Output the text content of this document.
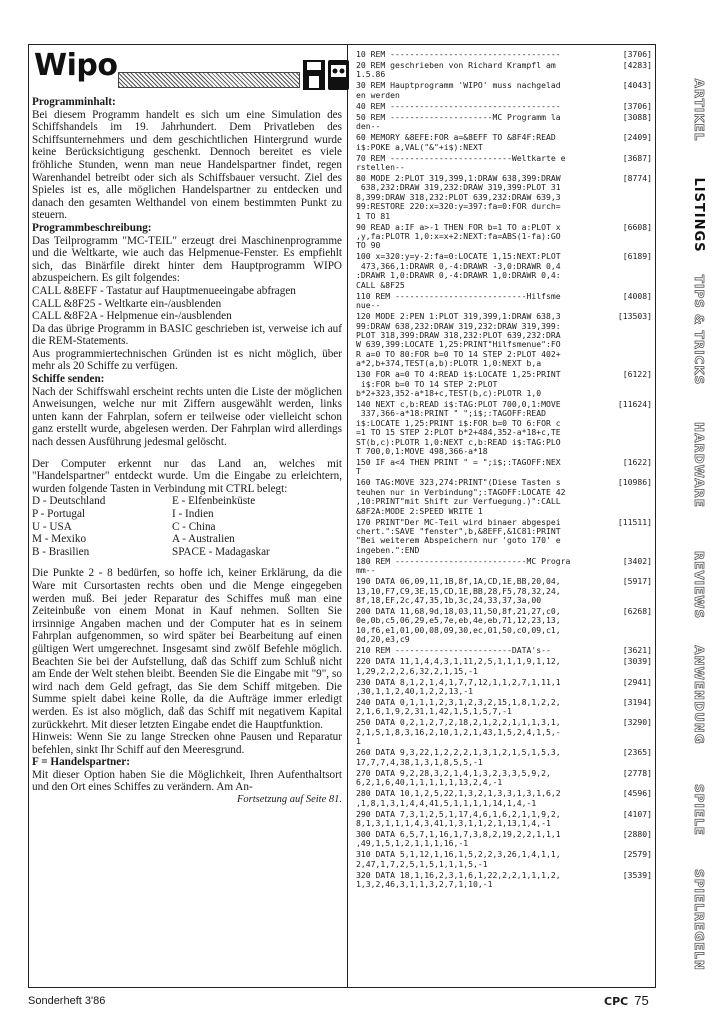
Wipo
Programminhalt:
Bei diesem Programm handelt es sich um eine Simulation des Schiffshandels im 19. Jahrhundert. Dem Privatleben des Schiffsunternehmers und dem geschichtlichen Hintergrund wurde keine Berücksichtigung geschenkt. Dennoch bereitet es viele fröhliche Stunden, wenn man neue Handelspartner findet, regen Warenhandel betreibt oder sich als Schiffsbauer versucht. Ziel des Spieles ist es, alle möglichen Handelspartner zu entdecken und danach den gesamten Welthandel von einem bestimmten Punkt zu steuern.
Programmbeschreibung:
Das Teilprogramm "MC-TEIL" erzeugt drei Maschinenprogramme und die Weltkarte, wie auch das Helpmenue-Fenster. Es empfiehlt sich, das Binärfile direkt hinter dem Hauptprogramm WIPO abzuspeichern. Es gilt folgendes:
CALL &8EFF - Tastatur auf Hauptmenueeingabe abfragen
CALL &8F25 - Weltkarte ein-/ausblenden
CALL &8F2A - Helpmenue ein-/ausblenden
Da das übrige Programm in BASIC geschrieben ist, verweise ich auf die REM-Statements.
Aus programmiertechnischen Gründen ist es nicht möglich, über mehr als 20 Schiffe zu verfügen.
Schiffe senden:
Nach der Schiffswahl erscheint rechts unten die Liste der möglichen Anweisungen, welche nur mit Ziffern ausgewählt werden, links unten kann der Fahrplan, sofern er teilweise oder vielleicht schon ganz erstellt wurde, abgelesen werden. Der Fahrplan wird allerdings nach dessen Ausführung jedesmal gelöscht.
Der Computer erkennt nur das Land an, welches mit "Handelspartner" entdeckt wurde. Um die Eingabe zu erleichtern, wurden folgende Tasten in Verbindung mit CTRL belegt:
D - Deutschland	E - Elfenbeinküste
P - Portugal	I - Indien
U - USA	C - China
M - Mexiko	A - Australien
B - Brasilien	SPACE - Madagaskar
Die Punkte 2 - 8 bedürfen, so hoffe ich, keiner Erklärung, da die Ware mit Cursortasten rechts oben und die Menge eingegeben werden muß. Bei jeder Reparatur des Schiffes muß man eine Zeiteinbuße von einem Monat in Kauf nehmen. Sollten Sie irrsinnige Angaben machen und der Computer hat es in seinem Fahrplan aufgenommen, so wird später bei Bearbeitung auf einen gültigen Wert umgerechnet. Insgesamt sind zwölf Befehle möglich. Beachten Sie bei der Aufstellung, daß das Schiff zum Schluß nicht am Ende der Welt stehen bleibt. Beenden Sie die Eingabe mit "9", so wird nach dem Geld gefragt, das Sie dem Schiff mitgeben. Die Summe spielt dabei keine Rolle, da die Aufträge immer erledigt werden. Es ist also möglich, daß das Schiff mit negativem Kapital zurückkehrt. Mit dieser letzten Eingabe endet die Hauptfunktion.
Hinweis: Wenn Sie zu lange Strecken ohne Pausen und Reparatur befehlen, sinkt Ihr Schiff auf den Meeresgrund.
F = Handelspartner:
Mit dieser Option haben Sie die Möglichkeit, Ihren Aufenthaltsort und den Ort eines Schiffes zu verändern. Am An-
Fortsetzung auf Seite 81.
10 REM -----------------------------------	[3706]
20 REM geschrieben von Richard Krampfl am
1.5.86
[4283]
30 REM Hauptprogramm 'WIPO' muss nachgelad
en werden
[4043]
40 REM -----------------------------------	[3706]
50 REM ---------------------MC Programm la
den--
[3088]
60 MEMORY &8EFE:FOR a=&8EFF TO &8F4F:READ
i$:POKE a,VAL("&"+i$):NEXT
[2409]
70 REM -------------------------Weltkarte e
rstellen--
[3687]
80 MODE 2:PLOT 319,399,1:DRAW 638,399:DRAW
638,232:DRAW 319,232:DRAW 319,399:PLOT 31
8,399:DRAW 318,232:PLOT 639,232:DRAW 639,3
99:RESTORE 220:x=320:y=397:fa=0:FOR durch=
1 TO 81
[8774]
90 READ a:IF a>-1 THEN FOR b=1 TO a:PLOT x
,y,fa:PLOTR 1,0:x=x+2:NEXT:fa=ABS(1-fa):GO
TO 90
[6608]
100 x=320:y=y-2:fa=0:LOCATE 1,15:NEXT:PLOT
473,366,1:DRAWR 0,-4:DRAWR -3,0:DRAWR 0,4
:DRAWR 1,0:DRAWR 0,-4:DRAWR 1,0:DRAWR 0,4:
CALL &8F25
[6189]
110 REM ---------------------------Hilfsme
nue--
[4008]
120 MODE 2:PEN 1:PLOT 319,399,1:DRAW 638,3
99:DRAW 638,232:DRAW 319,232:DRAW 319,399:
PLOT 318,399:DRAW 318,232:PLOT 639,232:DRA
W 639,399:LOCATE 1,25:PRINT"Hilfsmenue":FO
R a=0 TO 80:FOR b=0 TO 14 STEP 2:PLOT 402+
a*2,b+374,TEST(a,b):PLOTR 1,0:NEXT b,a
[13503]
130 FOR a=0 TO 4:READ i$:LOCATE 1,25:PRINT
i$:FOR b=0 TO 14 STEP 2:PLOT
b*2+323,352-a*18+c,TEST(b,c):PLOTR 1,0
[6122]
140 NEXT c,b:READ i$:TAG:PLOT 700,0,1:MOVE
337,366-a*18:PRINT " ";i$;:TAGOFF:READ
i$:LOCATE 1,25:PRINT i$:FOR b=0 TO 6:FOR c
=1 TO 15 STEP 2:PLOT b*2+484,352-a*18+c,TE
ST(b,c):PLOTR 1,0:NEXT c,b:READ i$:TAG:PLO
T 700,0,1:MOVE 498,366-a*18
[11624]
150 IF a<4 THEN PRINT " = ";i$;:TAGOFF:NEX
T
[1622]
160 TAG:MOVE 323,274:PRINT"(Diese Tasten s
teuhen nur in Verbindung";:TAGOFF:LOCATE 42
,10:PRINT"mit Shift zur Verfuegung.)":CALL
&8F2A:MODE 2:SPEED WRITE 1
[10986]
170 PRINT"Der MC-Teil wird binaer abgespei
chert.":SAVE "fenster",b,&8EFF,&1C81:PRINT
"Bei weiterem Abspeichern nur 'goto 170' e
ingeben.":END
[11511]
180 REM ---------------------------MC Progra
mm--
[3402]
190 DATA 06,09,11,1B,8f,1A,CD,1E,BB,20,04,
13,10,F7,C9,3E,15,CD,1E,BB,28,F5,78,32,24,
8f,18,EF,2c,47,35,1b,3c,24,33,37,3a,00
[5917]
200 DATA 11,68,9d,18,03,11,50,8f,21,27,c0,
0e,0b,c5,06,29,e5,7e,eb,4e,eb,71,12,23,13,
10,f6,e1,01,00,08,09,30,ec,01,50,c0,09,c1,
0d,20,e3,c9
[6268]
210 REM ------------------------DATA's--	[3621]
220 DATA 11,1,4,4,3,1,11,2,5,1,1,1,9,1,12,
1,29,2,2,2,6,32,2,1,15,-1
[3039]
230 DATA 8,1,2,1,4,1,7,7,12,1,1,2,7,1,11,1
,30,1,1,2,40,1,2,2,13,-1
[2941]
240 DATA 0,1,1,1,2,3,1,2,3,2,15,1,8,1,2,2,
2,1,6,1,9,2,31,1,42,1,5,1,5,7,-1
[3194]
250 DATA 0,2,1,2,7,2,18,2,1,2,2,1,1,1,3,1,
2,1,5,1,8,3,16,2,10,1,2,1,43,1,5,2,4,1,5,-
1
[3290]
260 DATA 9,3,22,1,2,2,2,1,3,1,2,1,5,1,5,3,
17,7,7,4,38,1,3,1,8,5,5,-1
[2365]
270 DATA 9,2,28,3,2,1,4,1,3,2,3,3,5,9,2,
6,2,1,6,40,1,1,1,1,1,13,2,4,-1
[2778]
280 DATA 10,1,2,5,22,1,3,2,1,3,3,1,3,1,6,2
,1,8,1,3,1,4,4,41,5,1,1,1,1,14,1,4,-1
[4596]
290 DATA 7,3,1,2,5,1,17,4,6,1,6,2,1,1,9,2,
8,1,3,1,1,1,4,3,41,1,3,1,1,2,1,13,1,4,-1
[4107]
300 DATA 6,5,7,1,16,1,7,3,8,2,19,2,2,1,1,1
,49,1,5,1,2,1,1,1,16,-1
[2880]
310 DATA 5,1,12,1,16,1,5,2,2,3,26,1,4,1,1,
2,47,1,7,2,5,1,5,1,1,1,5,-1
[2579]
320 DATA 18,1,16,2,3,1,6,1,22,2,2,1,1,1,2,
1,3,2,46,3,1,1,3,2,7,1,10,-1
[3539]
ARTIKEL
LISTINGS
TIPS & TRICKS
HARDWARE
REVIEWS
ANWENDUNG
SPIELE
SPIELREGELN
Sonderheft 3'86	CPC 75
